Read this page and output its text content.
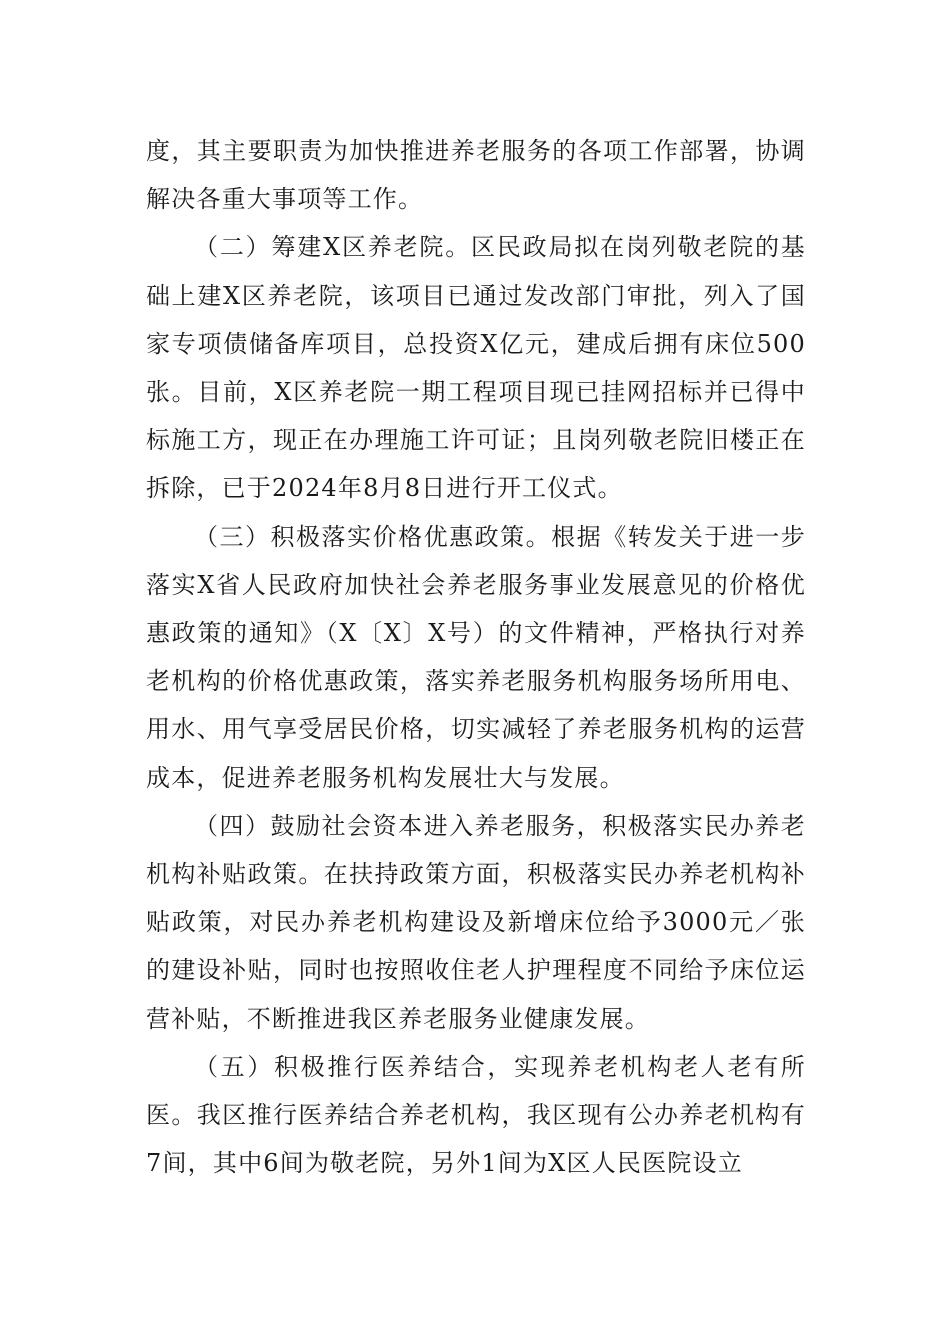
度，其主要职责为加快推进养老服务的各项工作部署，协调解决各重大事项等工作。

（二）筹建X区养老院。区民政局拟在岗列敬老院的基础上建X区养老院，该项目已通过发改部门审批，列入了国家专项债储备库项目，总投资X亿元，建成后拥有床位500张。目前，X区养老院一期工程项目现已挂网招标并已得中标施工方，现正在办理施工许可证；且岗列敬老院旧楼正在拆除，已于2024年8月8日进行开工仪式。

（三）积极落实价格优惠政策。根据《转发关于进一步落实X省人民政府加快社会养老服务事业发展意见的价格优惠政策的通知》（X〔X〕X号）的文件精神，严格执行对养老机构的价格优惠政策，落实养老服务机构服务场所用电、用水、用气享受居民价格，切实减轻了养老服务机构的运营成本，促进养老服务机构发展壮大与发展。

（四）鼓励社会资本进入养老服务，积极落实民办养老机构补贴政策。在扶持政策方面，积极落实民办养老机构补贴政策，对民办养老机构建设及新增床位给予3000元／张的建设补贴，同时也按照收住老人护理程度不同给予床位运营补贴，不断推进我区养老服务业健康发展。

（五）积极推行医养结合，实现养老机构老人老有所医。我区推行医养结合养老机构，我区现有公办养老机构有7间，其中6间为敬老院，另外1间为X区人民医院设立
